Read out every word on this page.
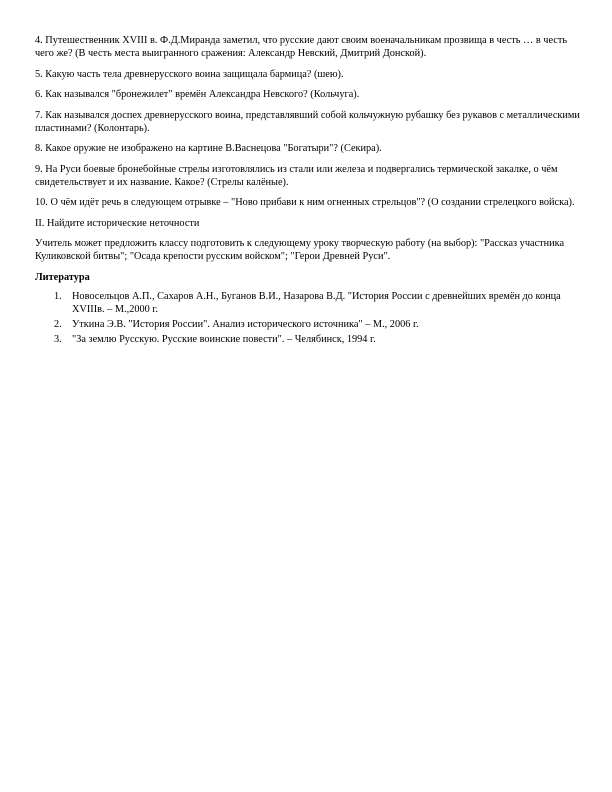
4. Путешественник XVIII в. Ф.Д.Миранда заметил, что русские дают своим военачальникам прозвища в честь … в честь чего же? (В честь места выигранного сражения: Александр Невский, Дмитрий Донской).

5. Какую часть тела древнерусского воина защищала бармица? (шею).

6. Как назывался "бронежилет" времён Александра Невского? (Кольчуга).

7. Как назывался доспех древнерусского воина, представлявший собой кольчужную рубашку без рукавов с металлическими пластинами? (Колонтарь).

8. Какое оружие не изображено на картине В.Васнецова "Богатыри"? (Секира).

9. На Руси боевые бронебойные стрелы изготовлялись из стали или железа и подвергались термической закалке, о чём свидетельствует и их название. Какое? (Стрелы калёные).

10. О чём идёт речь в следующем отрывке – "Ново прибави к ним огненных стрельцов"? (О создании стрелецкого войска).

II. Найдите исторические неточности

Учитель может предложить классу подготовить к следующему уроку творческую работу (на выбор): "Рассказ участника Куликовской битвы"; "Осада крепости русским войском"; "Герои Древней Руси".

Литература

1. Новосельцов А.П., Сахаров А.Н., Буганов В.И., Назарова В.Д. "История России с древнейших времён до конца XVIIIв. – М.,2000 г.
2. Уткина Э.В. "История России". Анализ исторического источника" – М., 2006 г.
3. "За землю Русскую. Русские воинские повести". – Челябинск, 1994 г.
